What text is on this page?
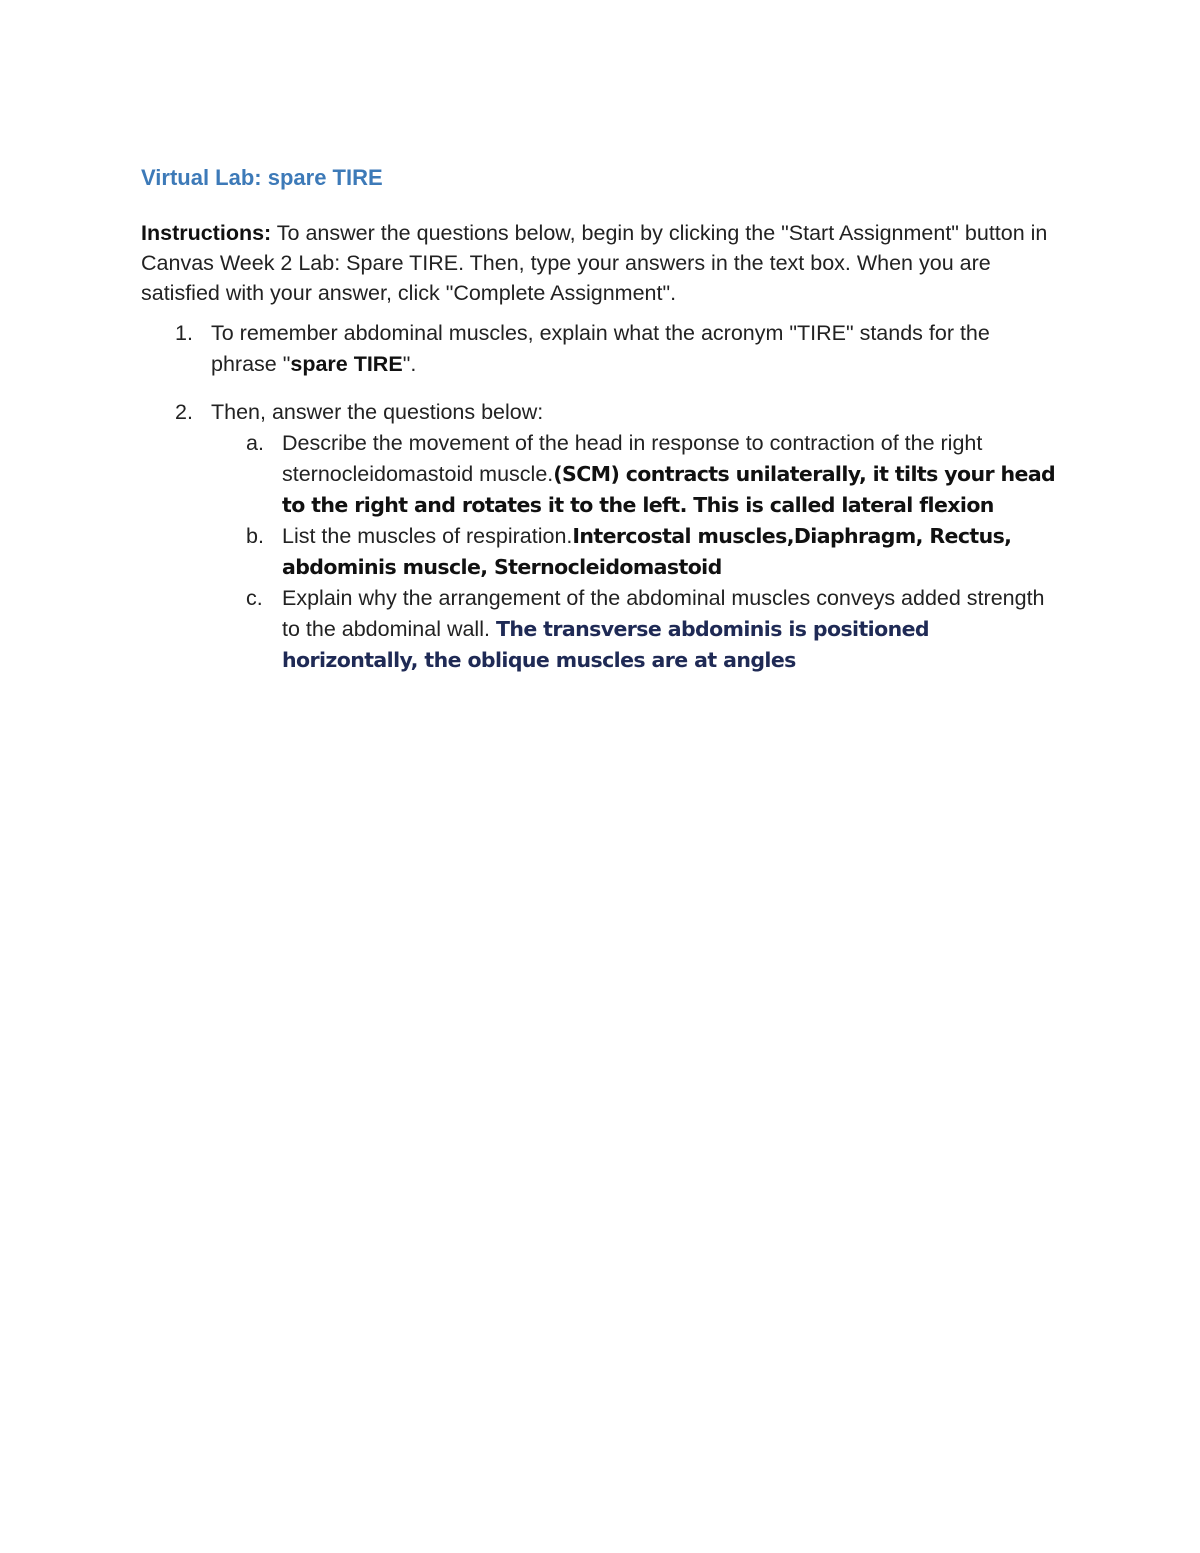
Virtual Lab: spare TIRE

Instructions: To answer the questions below, begin by clicking the "Start Assignment" button in Canvas Week 2 Lab: Spare TIRE. Then, type your answers in the text box. When you are satisfied with your answer, click "Complete Assignment".

1. To remember abdominal muscles, explain what the acronym "TIRE" stands for the phrase "spare TIRE".
2. Then, answer the questions below:
a. Describe the movement of the head in response to contraction of the right sternocleidomastoid muscle.(SCM) contracts unilaterally, it tilts your head to the right and rotates it to the left. This is called lateral flexion
b. List the muscles of respiration.Intercostal muscles,Diaphragm, Rectus, abdominis muscle, Sternocleidomastoid
c. Explain why the arrangement of the abdominal muscles conveys added strength to the abdominal wall. The transverse abdominis is positioned horizontally, the oblique muscles are at angles
